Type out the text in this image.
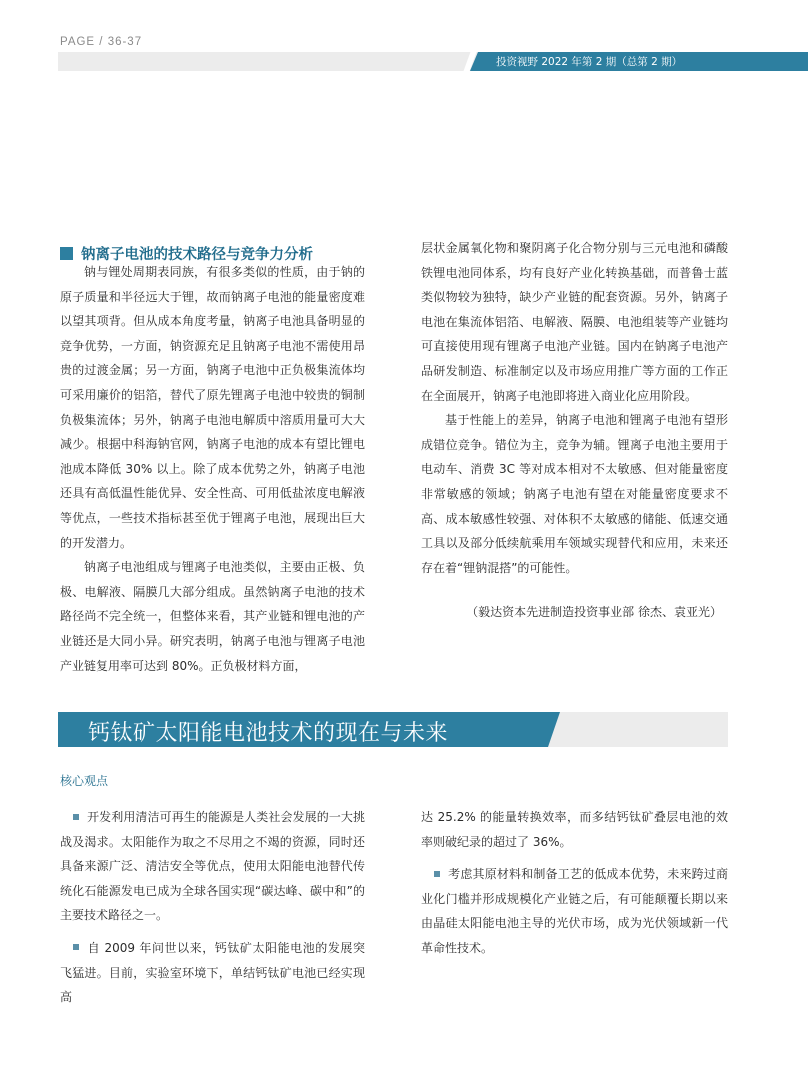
PAGE / 36-37
投资视野 2022 年第 2 期（总第 2 期）
钠离子电池的技术路径与竞争力分析

钠与锂处周期表同族，有很多类似的性质，由于钠的原子质量和半径远大于锂，故而钠离子电池的能量密度难以望其项背。但从成本角度考量，钠离子电池具备明显的竞争优势，一方面，钠资源充足且钠离子电池不需使用昂贵的过渡金属；另一方面，钠离子电池中正负极集流体均可采用廉价的铝箔，替代了原先锂离子电池中较贵的铜制负极集流体；另外，钠离子电池电解质中溶质用量可大大减少。根据中科海钠官网，钠离子电池的成本有望比锂电池成本降低 30% 以上。除了成本优势之外，钠离子电池还具有高低温性能优异、安全性高、可用低盐浓度电解液等优点，一些技术指标甚至优于锂离子电池，展现出巨大的开发潜力。

钠离子电池组成与锂离子电池类似，主要由正极、负极、电解液、隔膜几大部分组成。虽然钠离子电池的技术路径尚不完全统一，但整体来看，其产业链和锂电池的产业链还是大同小异。研究表明，钠离子电池与锂离子电池产业链复用率可达到 80%。正负极材料方面，

层状金属氧化物和聚阴离子化合物分别与三元电池和磷酸铁锂电池同体系，均有良好产业化转换基础，而普鲁士蓝类似物较为独特，缺少产业链的配套资源。另外，钠离子电池在集流体铝箔、电解液、隔膜、电池组装等产业链均可直接使用现有锂离子电池产业链。国内在钠离子电池产品研发制造、标准制定以及市场应用推广等方面的工作正在全面展开，钠离子电池即将进入商业化应用阶段。

基于性能上的差异，钠离子电池和锂离子电池有望形成错位竞争。错位为主，竞争为辅。锂离子电池主要用于电动车、消费 3C 等对成本相对不太敏感、但对能量密度非常敏感的领域；钠离子电池有望在对能量密度要求不高、成本敏感性较强、对体积不太敏感的储能、低速交通工具以及部分低续航乘用车领域实现替代和应用，未来还存在着“锂钠混搭”的可能性。

（毅达资本先进制造投资事业部 徐杰、袁亚光）
钙钛矿太阳能电池技术的现在与未来
核心观点

开发利用清洁可再生的能源是人类社会发展的一大挑战及渴求。太阳能作为取之不尽用之不竭的资源，同时还具备来源广泛、清洁安全等优点，使用太阳能电池替代传统化石能源发电已成为全球各国实现“碳达峰、碳中和”的主要技术路径之一。

自 2009 年问世以来，钙钛矿太阳能电池的发展突飞猛进。目前，实验室环境下，单结钙钛矿电池已经实现高

达 25.2% 的能量转换效率，而多结钙钛矿叠层电池的效率则破纪录的超过了 36%。

考虑其原材料和制备工艺的低成本优势，未来跨过商业化门槛并形成规模化产业链之后，有可能颠覆长期以来由晶硅太阳能电池主导的光伏市场，成为光伏领域新一代革命性技术。
